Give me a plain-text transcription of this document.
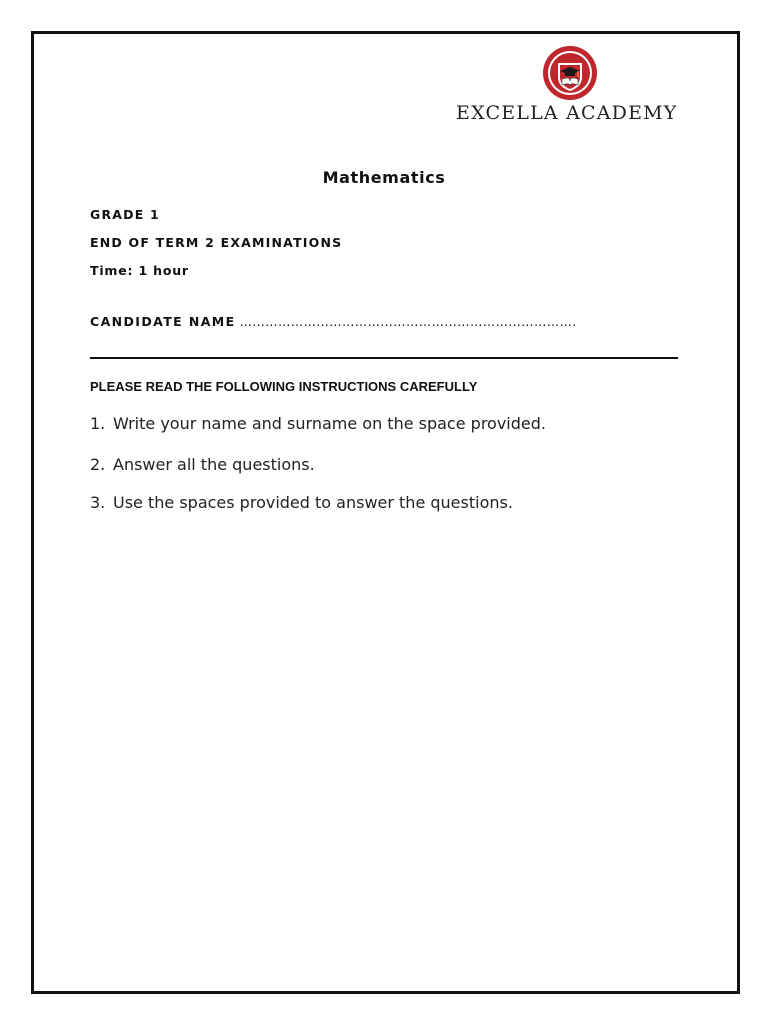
EXCELLA ACADEMY
Mathematics
GRADE 1
END OF TERM 2 EXAMINATIONS
Time: 1 hour
CANDIDATE NAME …………………………………………………………………….
PLEASE READ THE FOLLOWING INSTRUCTIONS CAREFULLY
1. Write your name and surname on the space provided.
2. Answer all the questions.
3. Use the spaces provided to answer the questions.
